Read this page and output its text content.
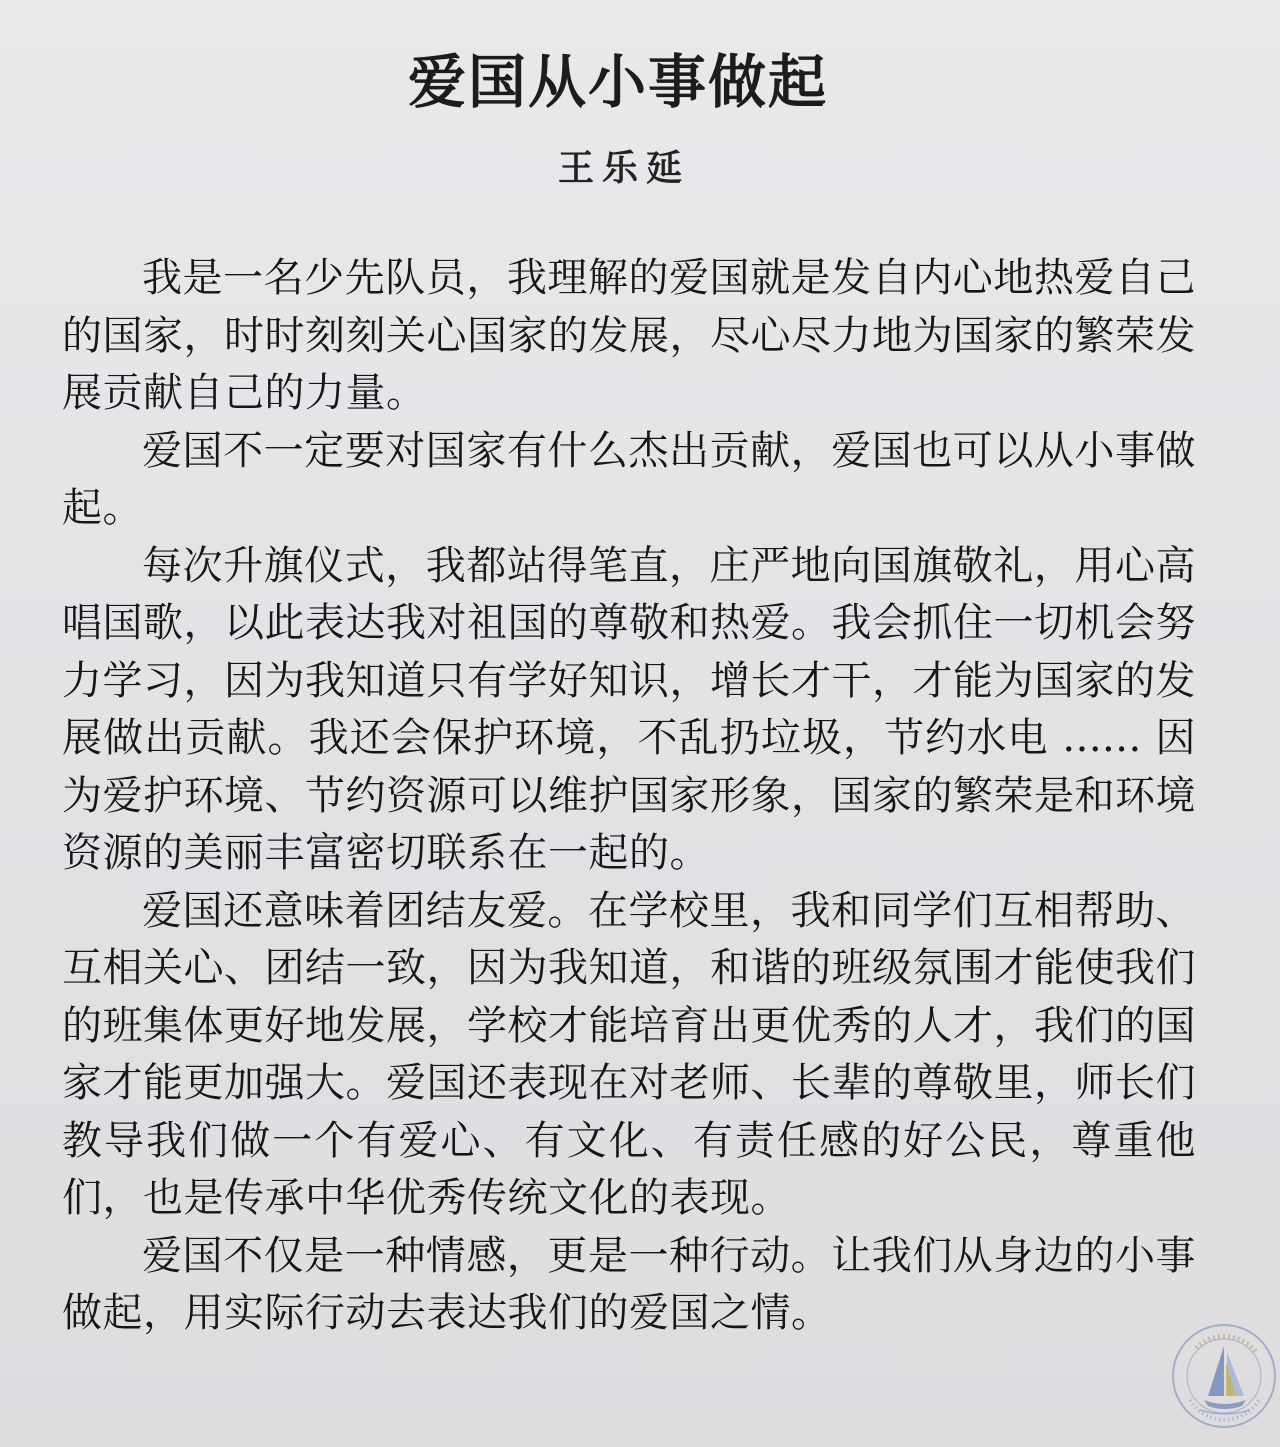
爱国从小事做起
王乐延

我是一名少先队员，我理解的爱国就是发自内心地热爱自己的国家，时时刻刻关心国家的发展，尽心尽力地为国家的繁荣发展贡献自己的力量。

爱国不一定要对国家有什么杰出贡献，爱国也可以从小事做起。

每次升旗仪式，我都站得笔直，庄严地向国旗敬礼，用心高唱国歌，以此表达我对祖国的尊敬和热爱。我会抓住一切机会努力学习，因为我知道只有学好知识，增长才干，才能为国家的发展做出贡献。我还会保护环境，不乱扔垃圾，节约水电 ...... 因为爱护环境、节约资源可以维护国家形象，国家的繁荣是和环境资源的美丽丰富密切联系在一起的。

爱国还意味着团结友爱。在学校里，我和同学们互相帮助、互相关心、团结一致，因为我知道，和谐的班级氛围才能使我们的班集体更好地发展，学校才能培育出更优秀的人才，我们的国家才能更加强大。爱国还表现在对老师、长辈的尊敬里，师长们教导我们做一个有爱心、有文化、有责任感的好公民，尊重他们，也是传承中华优秀传统文化的表现。

爱国不仅是一种情感，更是一种行动。让我们从身边的小事做起，用实际行动去表达我们的爱国之情。
